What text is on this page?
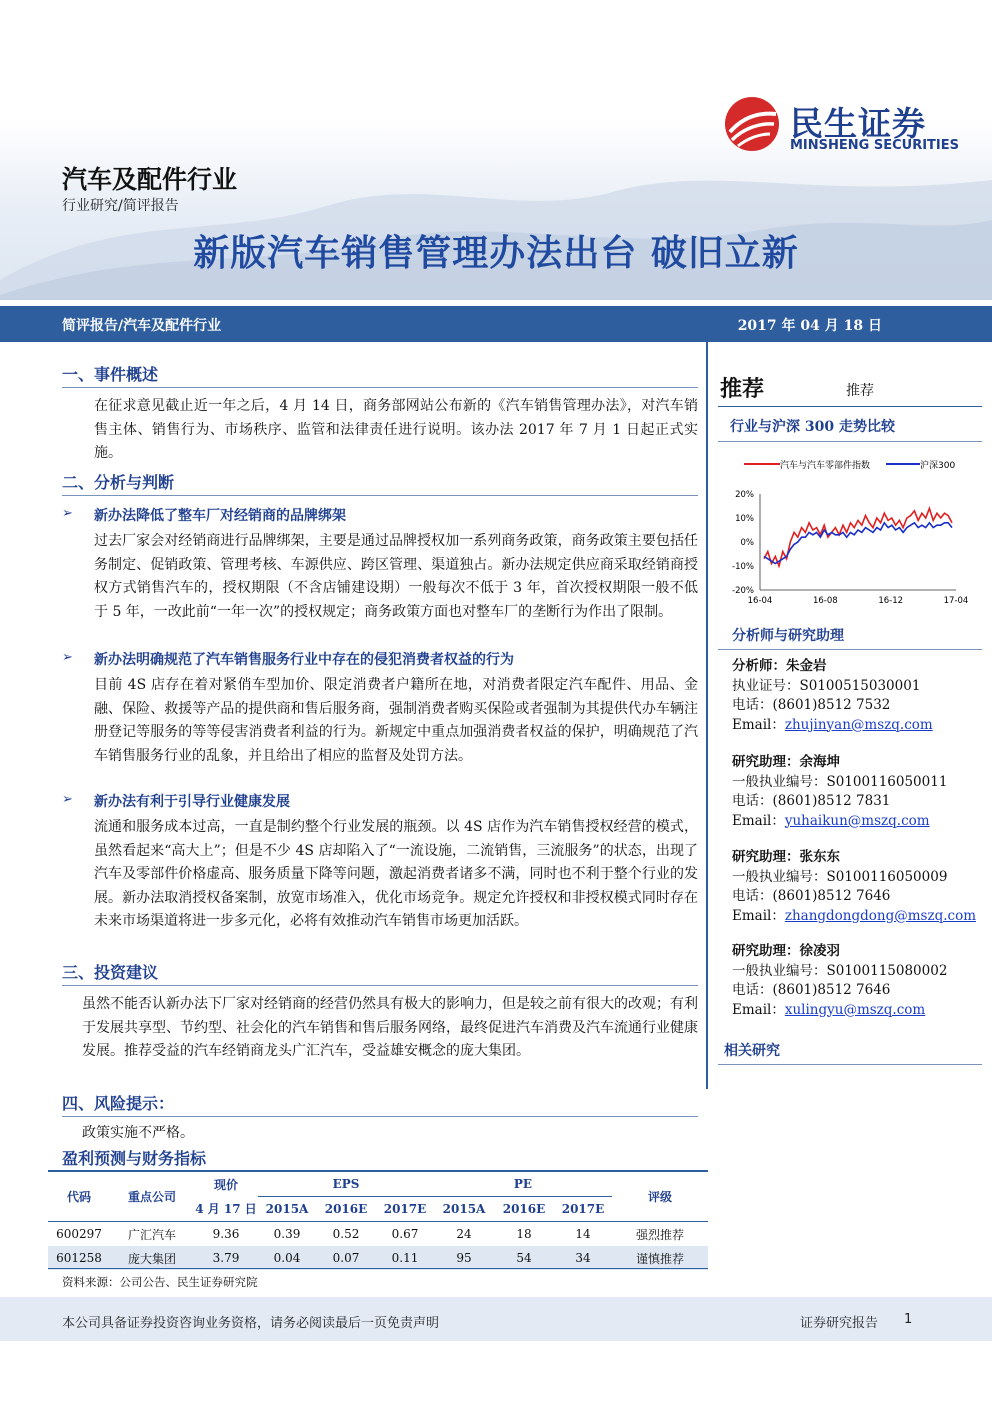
民生证券
MINSHENG SECURITIES
汽车及配件行业
行业研究/简评报告
新版汽车销售管理办法出台 破旧立新
简评报告/汽车及配件行业	2017 年 04 月 18 日
一、事件概述
在征求意见截止近一年之后，4 月 14 日，商务部网站公布新的《汽车销售管理办法》，对汽车销售主体、销售行为、市场秩序、监管和法律责任进行说明。该办法 2017 年 7 月 1 日起正式实施。
二、分析与判断
➢ 新办法降低了整车厂对经销商的品牌绑架
过去厂家会对经销商进行品牌绑架，主要是通过品牌授权加一系列商务政策，商务政策主要包括任务制定、促销政策、管理考核、车源供应、跨区管理、渠道独占。新办法规定供应商采取经销商授权方式销售汽车的，授权期限（不含店铺建设期）一般每次不低于 3 年，首次授权期限一般不低于 5 年，一改此前“一年一次”的授权规定；商务政策方面也对整车厂的垄断行为作出了限制。
➢ 新办法明确规范了汽车销售服务行业中存在的侵犯消费者权益的行为
目前 4S 店存在着对紧俏车型加价、限定消费者户籍所在地，对消费者限定汽车配件、用品、金融、保险、救援等产品的提供商和售后服务商，强制消费者购买保险或者强制为其提供代办车辆注册登记等服务的等等侵害消费者利益的行为。新规定中重点加强消费者权益的保护，明确规范了汽车销售服务行业的乱象，并且给出了相应的监督及处罚方法。
➢ 新办法有利于引导行业健康发展
流通和服务成本过高，一直是制约整个行业发展的瓶颈。以 4S 店作为汽车销售授权经营的模式，虽然看起来“高大上”；但是不少 4S 店却陷入了“一流设施，二流销售，三流服务”的状态，出现了汽车及零部件价格虚高、服务质量下降等问题，激起消费者诸多不满，同时也不利于整个行业的发展。新办法取消授权备案制，放宽市场准入，优化市场竞争。规定允许授权和非授权模式同时存在未来市场渠道将进一步多元化，必将有效推动汽车销售市场更加活跃。
三、投资建议
虽然不能否认新办法下厂家对经销商的经营仍然具有极大的影响力，但是较之前有很大的改观；有利于发展共享型、节约型、社会化的汽车销售和售后服务网络，最终促进汽车消费及汽车流通行业健康发展。推荐受益的汽车经销商龙头广汇汽车，受益雄安概念的庞大集团。
四、风险提示：
政策实施不严格。
推荐	推荐
行业与沪深 300 走势比较
汽车与汽车零部件指数	沪深300
20%
10%
0%
-10%
-20%
16-04	16-08	16-12	17-04
分析师与研究助理
分析师：朱金岩
执业证号：S0100515030001
电话：(8601)8512 7532
Email：zhujinyan@mszq.com
研究助理：余海坤
一般执业编号：S0100116050011
电话：(8601)8512 7831
Email：yuhaikun@mszq.com
研究助理：张东东
一般执业编号：S0100116050009
电话：(8601)8512 7646
Email：zhangdongdong@mszq.com
研究助理：徐凌羽
一般执业编号：S0100115080002
电话：(8601)8512 7646
Email：xulingyu@mszq.com
相关研究
盈利预测与财务指标
代码	重点公司	现价	EPS			PE			评级
		4 月 17 日	2015A	2016E	2017E	2015A	2016E	2017E	
600297	广汇汽车	9.36	0.39	0.52	0.67	24	18	14	强烈推荐
601258	庞大集团	3.79	0.04	0.07	0.11	95	54	34	谨慎推荐
资料来源：公司公告、民生证券研究院
本公司具备证券投资咨询业务资格，请务必阅读最后一页免责声明	证券研究报告 1
